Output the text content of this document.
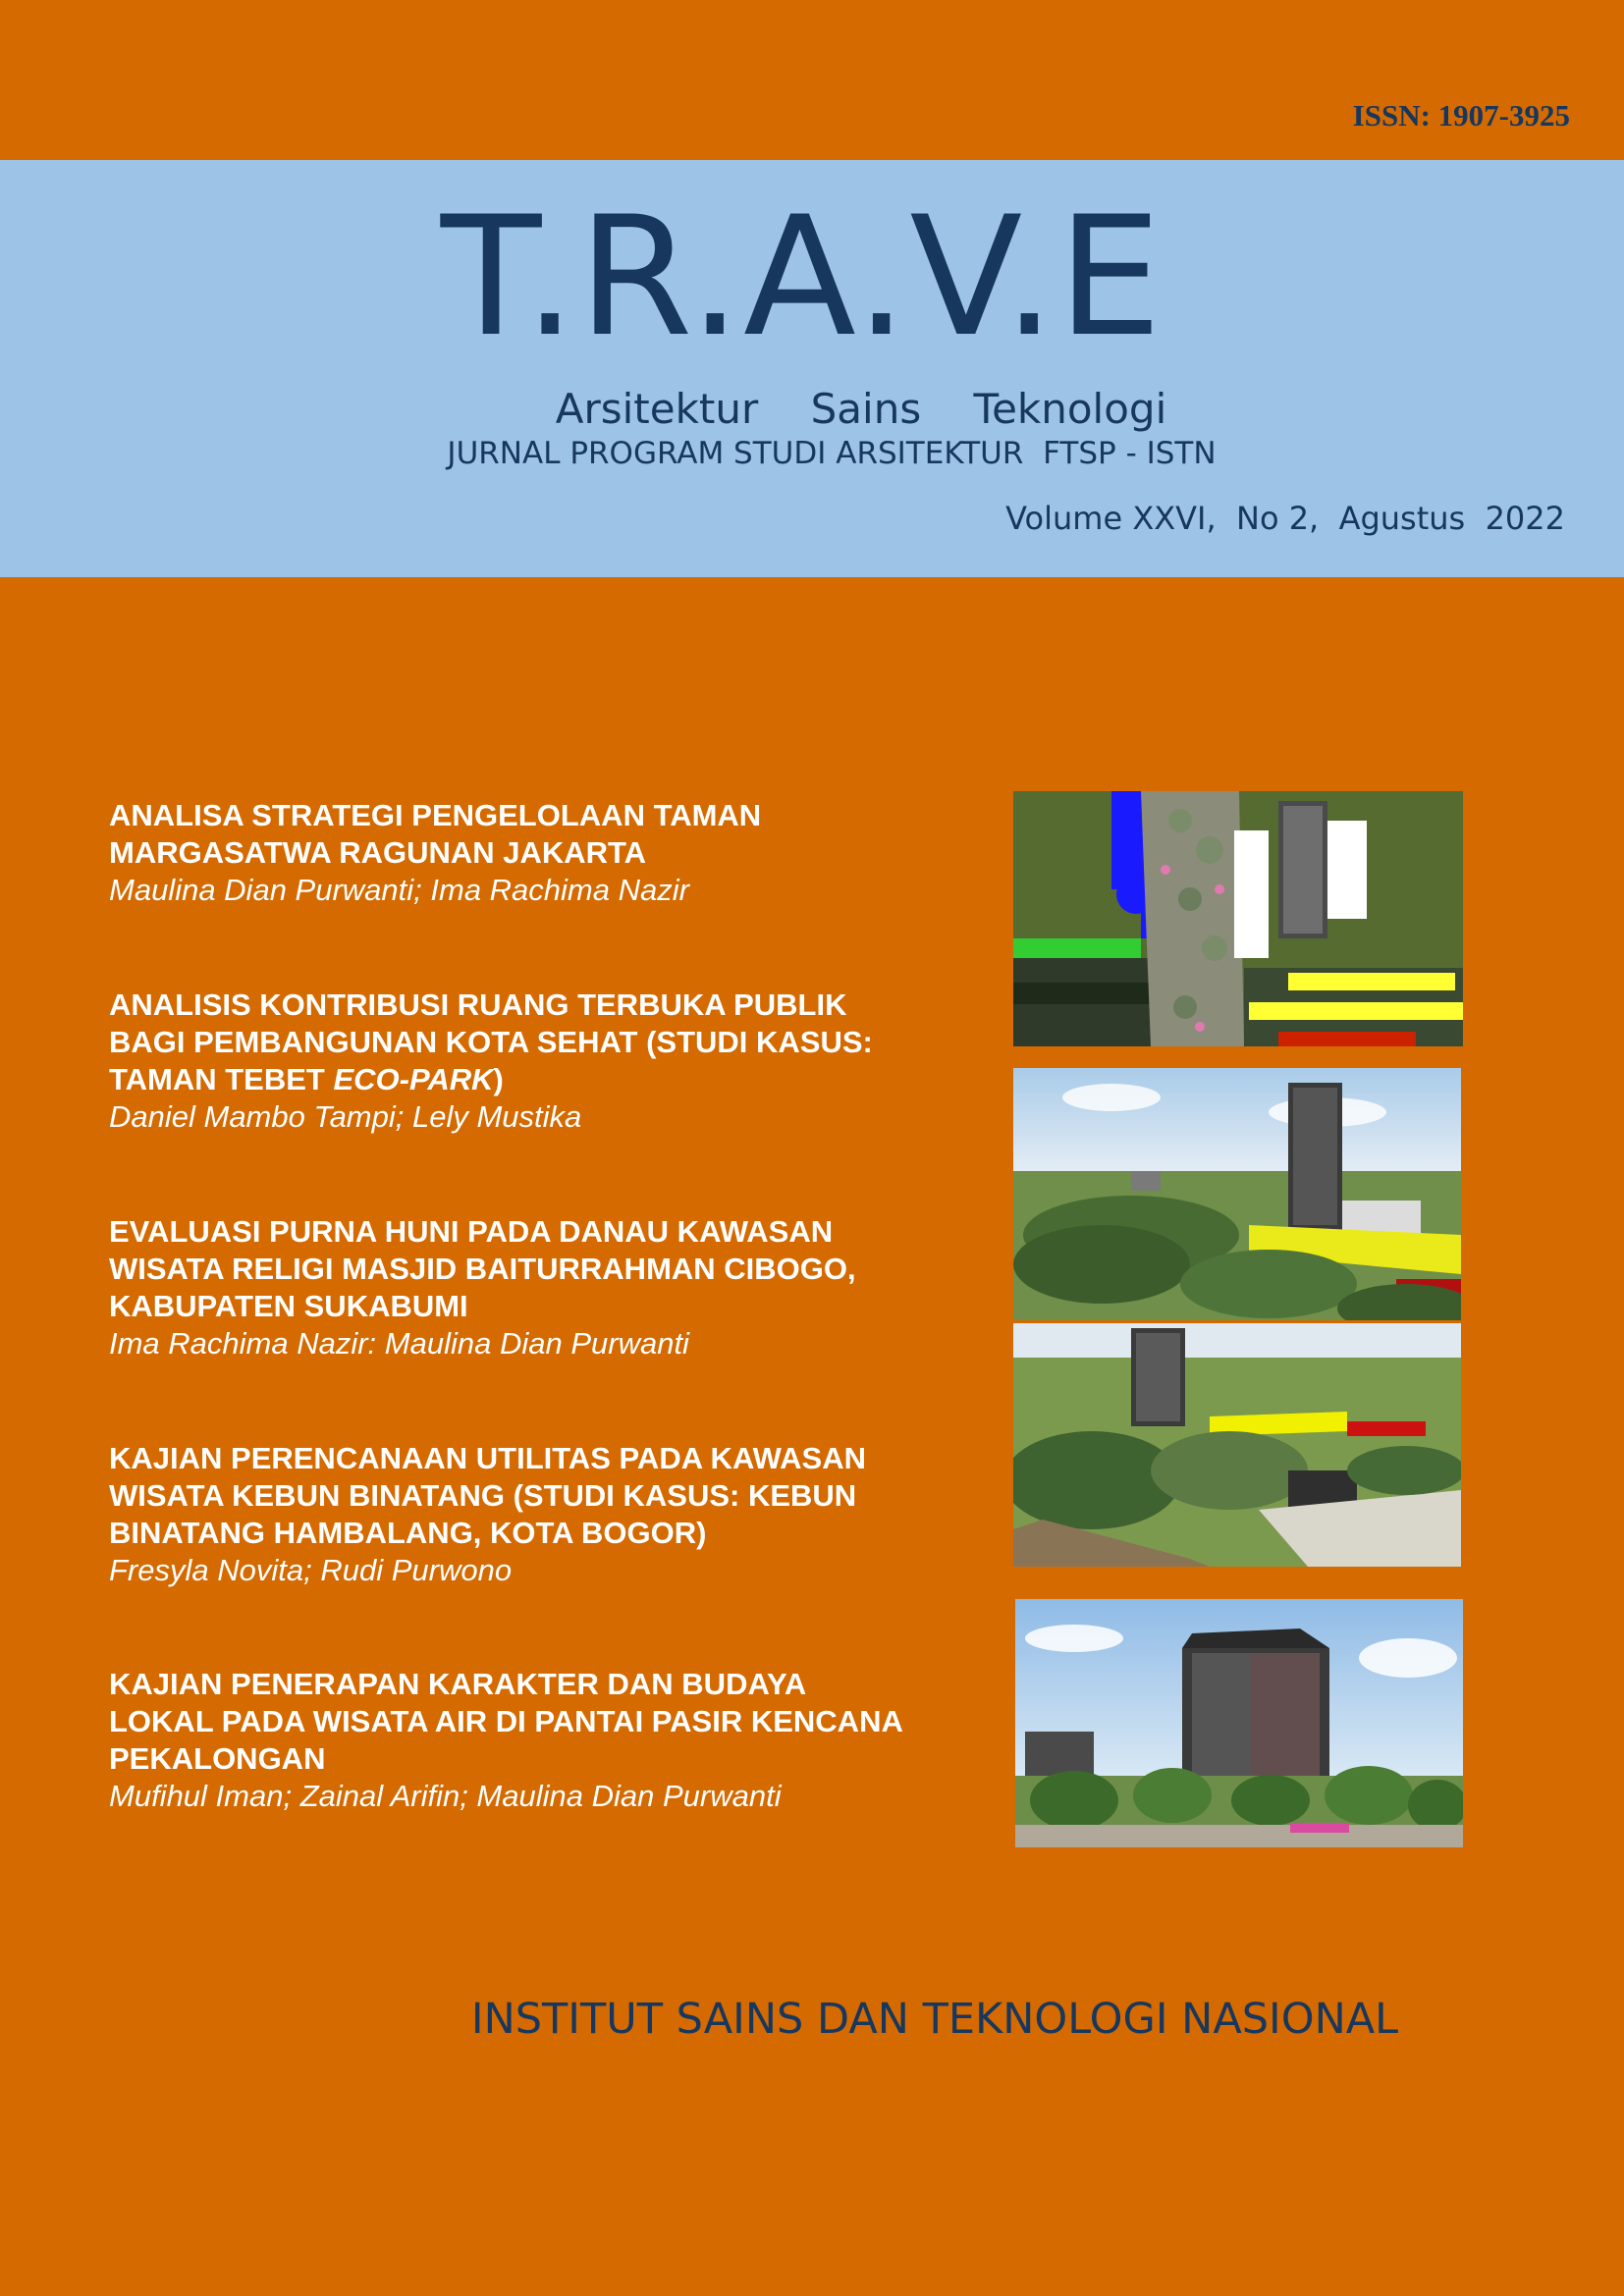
ISSN: 1907-3925
T.R.A.V.E
Arsitektur Sains Teknologi
JURNAL PROGRAM STUDI ARSITEKTUR  FTSP - ISTN
Volume XXVI,  No 2,  Agustus  2022
ANALISA STRATEGI PENGELOLAAN TAMAN
MARGASATWA RAGUNAN JAKARTA
Maulina Dian Purwanti; Ima Rachima Nazir
ANALISIS KONTRIBUSI RUANG TERBUKA PUBLIK
BAGI PEMBANGUNAN KOTA SEHAT (STUDI KASUS:
TAMAN TEBET ECO-PARK)
Daniel Mambo Tampi; Lely Mustika
EVALUASI PURNA HUNI PADA DANAU KAWASAN
WISATA RELIGI MASJID BAITURRAHMAN CIBOGO,
KABUPATEN SUKABUMI
Ima Rachima Nazir: Maulina Dian Purwanti
KAJIAN PERENCANAAN UTILITAS PADA KAWASAN
WISATA KEBUN BINATANG (STUDI KASUS: KEBUN
BINATANG HAMBALANG, KOTA BOGOR)
Fresyla Novita; Rudi Purwono
KAJIAN PENERAPAN KARAKTER DAN BUDAYA
LOKAL PADA WISATA AIR DI PANTAI PASIR KENCANA
PEKALONGAN
Mufihul Iman; Zainal Arifin; Maulina Dian Purwanti
INSTITUT SAINS DAN TEKNOLOGI NASIONAL
